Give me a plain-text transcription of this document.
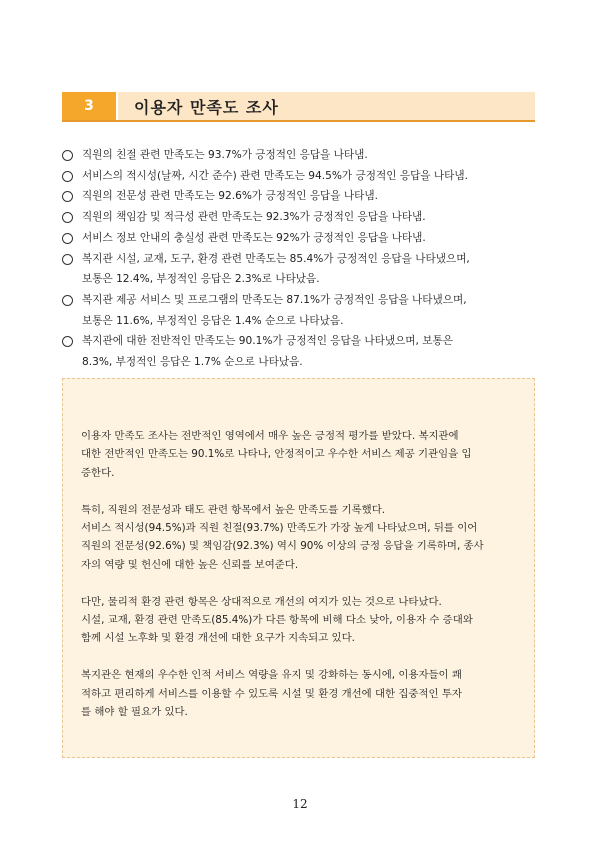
3	이용자 만족도 조사
직원의 친절 관련 만족도는 93.7%가 긍정적인 응답을 나타냄.
서비스의 적시성(날짜, 시간 준수) 관련 만족도는 94.5%가 긍정적인 응답을 나타냄.
직원의 전문성 관련 만족도는 92.6%가 긍정적인 응답을 나타냄.
직원의 책임감 및 적극성 관련 만족도는 92.3%가 긍정적인 응답을 나타냄.
서비스 정보 안내의 충실성 관련 만족도는 92%가 긍정적인 응답을 나타냄.
복지관 시설, 교재, 도구, 환경 관련 만족도는 85.4%가 긍정적인 응답을 나타냈으며,
보통은 12.4%, 부정적인 응답은 2.3%로 나타났음.
복지관 제공 서비스 및 프로그램의 만족도는 87.1%가 긍정적인 응답을 나타냈으며,
보통은 11.6%, 부정적인 응답은 1.4% 순으로 나타났음.
복지관에 대한 전반적인 만족도는 90.1%가 긍정적인 응답을 나타냈으며, 보통은
8.3%, 부정적인 응답은 1.7% 순으로 나타났음.

이용자 만족도 조사는 전반적인 영역에서 매우 높은 긍정적 평가를 받았다. 복지관에
대한 전반적인 만족도는 90.1%로 나타나, 안정적이고 우수한 서비스 제공 기관임을 입
증한다.

특히, 직원의 전문성과 태도 관련 항목에서 높은 만족도를 기록했다.
서비스 적시성(94.5%)과 직원 친절(93.7%) 만족도가 가장 높게 나타났으며, 뒤를 이어
직원의 전문성(92.6%) 및 책임감(92.3%) 역시 90% 이상의 긍정 응답을 기록하며, 종사
자의 역량 및 헌신에 대한 높은 신뢰를 보여준다.

다만, 물리적 환경 관련 항목은 상대적으로 개선의 여지가 있는 것으로 나타났다.
시설, 교재, 환경 관련 만족도(85.4%)가 다른 항목에 비해 다소 낮아, 이용자 수 증대와
함께 시설 노후화 및 환경 개선에 대한 요구가 지속되고 있다.

복지관은 현재의 우수한 인적 서비스 역량을 유지 및 강화하는 동시에, 이용자들이 쾌
적하고 편리하게 서비스를 이용할 수 있도록 시설 및 환경 개선에 대한 집중적인 투자
를 해야 할 필요가 있다.

12
